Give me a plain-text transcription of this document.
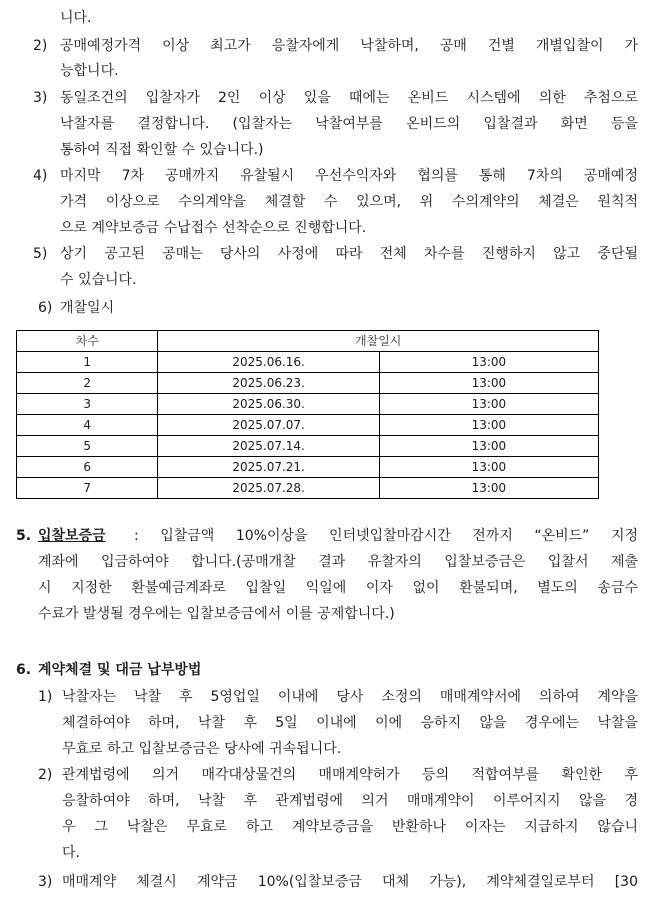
니다.
2) 공매예정가격 이상 최고가 응찰자에게 낙찰하며, 공매 건별 개별입찰이 가
능합니다.
3) 동일조건의 입찰자가 2인 이상 있을 때에는 온비드 시스템에 의한 추첨으로
낙찰자를 결정합니다. (입찰자는 낙찰여부를 온비드의 입찰결과 화면 등을
통하여 직접 확인할 수 있습니다.)
4) 마지막 7차 공매까지 유찰될시 우선수익자와 협의를 통해 7차의 공매예정
가격 이상으로 수의계약을 체결할 수 있으며, 위 수의계약의 체결은 원칙적
으로 계약보증금 수납접수 선착순으로 진행합니다.
5) 상기 공고된 공매는 당사의 사정에 따라 전체 차수를 진행하지 않고 중단될
수 있습니다.
6) 개찰일시
차수	개찰일시	
1	2025.06.16.	13:00
2	2025.06.23.	13:00
3	2025.06.30.	13:00
4	2025.07.07.	13:00
5	2025.07.14.	13:00
6	2025.07.21.	13:00
7	2025.07.28.	13:00
5. 입찰보증금 : 입찰금액 10%이상을 인터넷입찰마감시간 전까지 “온비드” 지정
계좌에 입금하여야 합니다.(공매개찰 결과 유찰자의 입찰보증금은 입찰서 제출
시 지정한 환불예금계좌로 입찰일 익일에 이자 없이 환불되며, 별도의 송금수
수료가 발생될 경우에는 입찰보증금에서 이를 공제합니다.)
6. 계약체결 및 대금 납부방법
1) 낙찰자는 낙찰 후 5영업일 이내에 당사 소정의 매매계약서에 의하여 계약을
체결하여야 하며, 낙찰 후 5일 이내에 이에 응하지 않을 경우에는 낙찰을
무효로 하고 입찰보증금은 당사에 귀속됩니다.
2) 관계법령에 의거 매각대상물건의 매매계약허가 등의 적합여부를 확인한 후
응찰하여야 하며, 낙찰 후 관계법령에 의거 매매계약이 이루어지지 않을 경
우 그 낙찰은 무효로 하고 계약보증금을 반환하나 이자는 지급하지 않습니
다.
3) 매매계약 체결시 계약금 10%(입찰보증금 대체 가능), 계약체결일로부터 [30
